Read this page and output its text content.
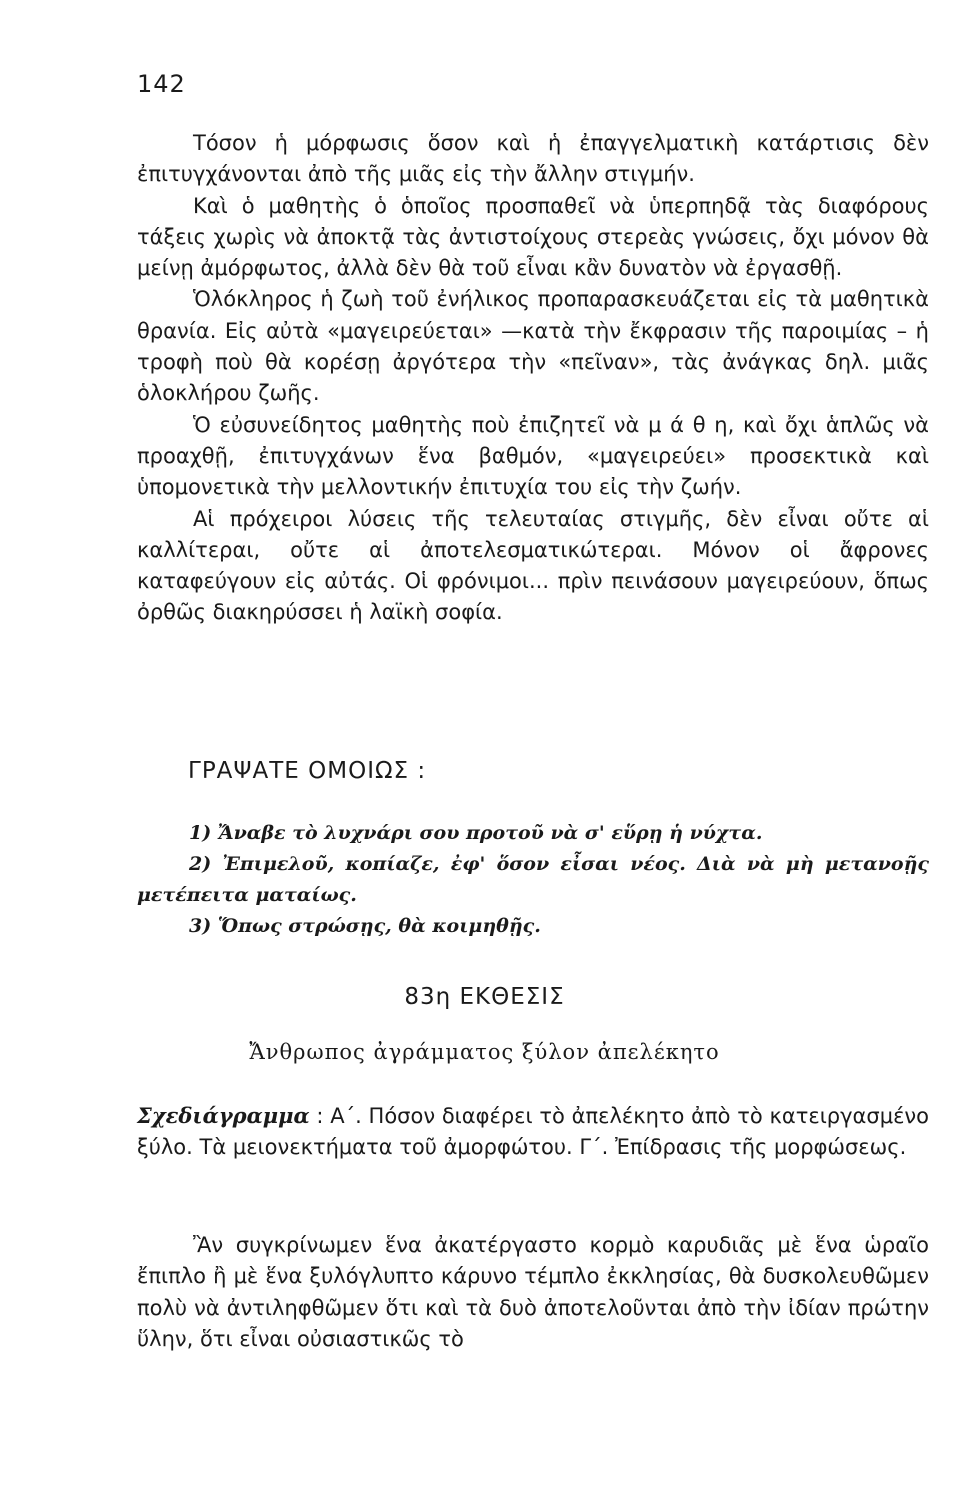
142

Τόσον ἡ μόρφωσις ὅσον καὶ ἡ ἐπαγγελματικὴ κατάρτισις δὲν ἐπιτυγχάνονται ἀπὸ τῆς μιᾶς εἰς τὴν ἄλλην στιγμήν.

Καὶ ὁ μαθητὴς ὁ ὁποῖος προσπαθεῖ νὰ ὑπερπηδᾷ τὰς διαφόρους τάξεις χωρὶς νὰ ἀποκτᾷ τὰς ἀντιστοίχους στερεὰς γνώσεις, ὄχι μόνον θὰ μείνῃ ἀμόρφωτος, ἀλλὰ δὲν θὰ τοῦ εἶναι κἂν δυνατὸν νὰ ἐργασθῇ.

Ὁλόκληρος ἡ ζωὴ τοῦ ἐνήλικος προπαρασκευάζεται εἰς τὰ μαθητικὰ θρανία. Εἰς αὐτὰ «μαγειρεύεται» —κατὰ τὴν ἔκφρασιν τῆς παροιμίας – ἡ τροφὴ ποὺ θὰ κορέσῃ ἀργότερα τὴν «πεῖναν», τὰς ἀνάγκας δηλ. μιᾶς ὁλοκλήρου ζωῆς.

Ὁ εὐσυνείδητος μαθητὴς ποὺ ἐπιζητεῖ νὰ μ ά θ η, καὶ ὄχι ἁπλῶς νὰ προαχθῇ, ἐπιτυγχάνων ἕνα βαθμόν, «μαγειρεύει» προσεκτικὰ καὶ ὑπομονετικὰ τὴν μελλοντικήν ἐπιτυχία του εἰς τὴν ζωήν.

Αἱ πρόχειροι λύσεις τῆς τελευταίας στιγμῆς, δὲν εἶναι οὔτε αἱ καλλίτεραι, οὔτε αἱ ἀποτελεσματικώτεραι. Μόνον οἱ ἄφρονες καταφεύγουν εἰς αὐτάς. Οἱ φρόνιμοι... πρὶν πεινάσουν μαγειρεύουν, ὅπως ὀρθῶς διακηρύσσει ἡ λαϊκὴ σοφία.

ΓΡΑΨΑΤΕ ΟΜΟΙΩΣ :

1) Ἄναβε τὸ λυχνάρι σου προτοῦ νὰ σ' εὕρῃ ἡ νύχτα.

2) Ἐπιμελοῦ, κοπίαζε, ἐφ' ὅσον εἶσαι νέος. Διὰ νὰ μὴ μετανοῇς μετέπειτα ματαίως.

3) Ὅπως στρώσῃς, θὰ κοιμηθῇς.

83η ΕΚΘΕΣΙΣ
Ἄνθρωπος ἀγράμματος ξύλον ἀπελέκητο
Σχεδιάγραμμα : Α΄. Πόσον διαφέρει τὸ ἀπελέκητο ἀπὸ τὸ κατειργασμένο ξύλο. Τὰ μειονεκτήματα τοῦ ἀμορφώτου. Γ΄. Ἐπίδρασις τῆς μορφώσεως.

Ἂν συγκρίνωμεν ἕνα ἀκατέργαστο κορμὸ καρυδιᾶς μὲ ἕνα ὡραῖο ἔπιπλο ἢ μὲ ἕνα ξυλόγλυπτο κάρυνο τέμπλο ἐκκλησίας, θὰ δυσκολευθῶμεν πολὺ νὰ ἀντιληφθῶμεν ὅτι καὶ τὰ δυὸ ἀποτελοῦνται ἀπὸ τὴν ἰδίαν πρώτην ὕλην, ὅτι εἶναι οὐσιαστικῶς τὸ
